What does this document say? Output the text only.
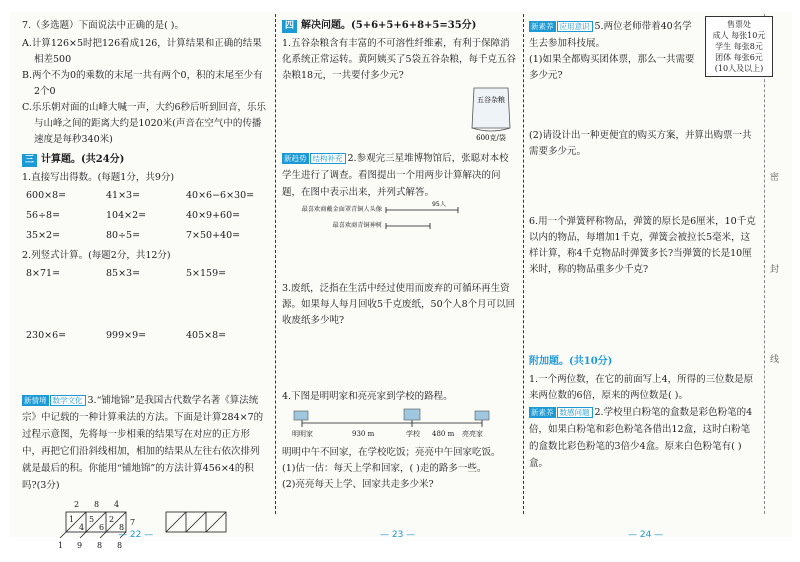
密
封
线

7.（多选题）下面说法中正确的是( )。

A.计算126×5时把126看成126，计算结果和正确的结果相差500

B.两个不为0的乘数的末尾一共有两个0，积的末尾至少有2个0

C.乐乐朝对面的山峰大喊一声，大约6秒后听到回音，乐乐与山峰之间的距离大约是1020米(声音在空气中的传播速度是每秒340米)

三 计算题。(共24分)

1.直接写出得数。(每题1分，共9分)

600×8=	41×3=	40×6−6×30=
56÷8=	104×2=	40×9+60=
35×2=	80÷5=	7×50+40=

2.列竖式计算。(每题2分，共12分)

8×71=	85×3=	5×159=
230×6=	999×9=	405×8=

新情境 数学文化 3.“铺地锦”是我国古代数学名著《算法统宗》中记载的一种计算乘法的方法。下面是计算284×7的过程示意图，先将每一步相乘的结果写在对应的正方形中，再把它们沿斜线相加，相加的结果从左往右依次排列就是最后的积。你能用“铺地锦”的方法计算456×4的积吗?(3分)

2 8 4
1
4
5
6
2
8
7
1 9 8 8
— 22 —
四 解决问题。(5+6+5+6+8+5=35分)

1.五谷杂粮含有丰富的不可溶性纤维素，有利于保障消化系统正常运转。黄阿姨买了5袋五谷杂粮，每千克五谷杂粮18元，一共要付多少元?

五谷杂粮
600克/袋

新趋势 结构补充 2.参观完三星堆博物馆后，张聪对本校学生进行了调查。看图提出一个用两步计算解决的问题，在图中表示出来，并列式解答。

最喜欢商戴金面罩青铜人头像
95人
最喜欢商青铜神树

3.废纸，泛指在生活中经过使用而废弃的可循环再生资源。如果每人每月回收5千克废纸，50个人8个月可以回收废纸多少吨?

4.下图是明明家和亮亮家到学校的路程。

明明家	930 m	学校 480 m 亮亮家

明明中午不回家，在学校吃饭；亮亮中午回家吃饭。

(1)估一估：每天上学和回家，( )走的路多一些。

(2)亮亮每天上学、回家共走多少米?

— 23 —

新素养 应用意识 5.两位老师带着40名学生去参加科技展。

(1)如果全都购买团体票，那么一共需要多少元?

售票处
成人 每张10元
学生 每张8元
团体 每张6元
(10人及以上)

(2)请设计出一种更便宜的购买方案，并算出购票一共需要多少元。

6.用一个弹簧秤称物品，弹簧的原长是6厘米，10千克以内的物品，每增加1千克，弹簧会被拉长5毫米，这样计算，称4千克物品时弹簧多长?当弹簧的长是10厘米时，称的物品重多少千克?

附加题。(共10分)

1.一个两位数，在它的前面写上4，所得的三位数是原来两位数的6倍，原来的两位数是( )。

新素养 数感问题 2.学校里白粉笔的盒数是彩色粉笔的4倍，如果白粉笔和彩色粉笔各借出12盒，这时白粉笔的盒数比彩色粉笔的3倍少4盒。原来白色粉笔有( )盒。

— 24 —
